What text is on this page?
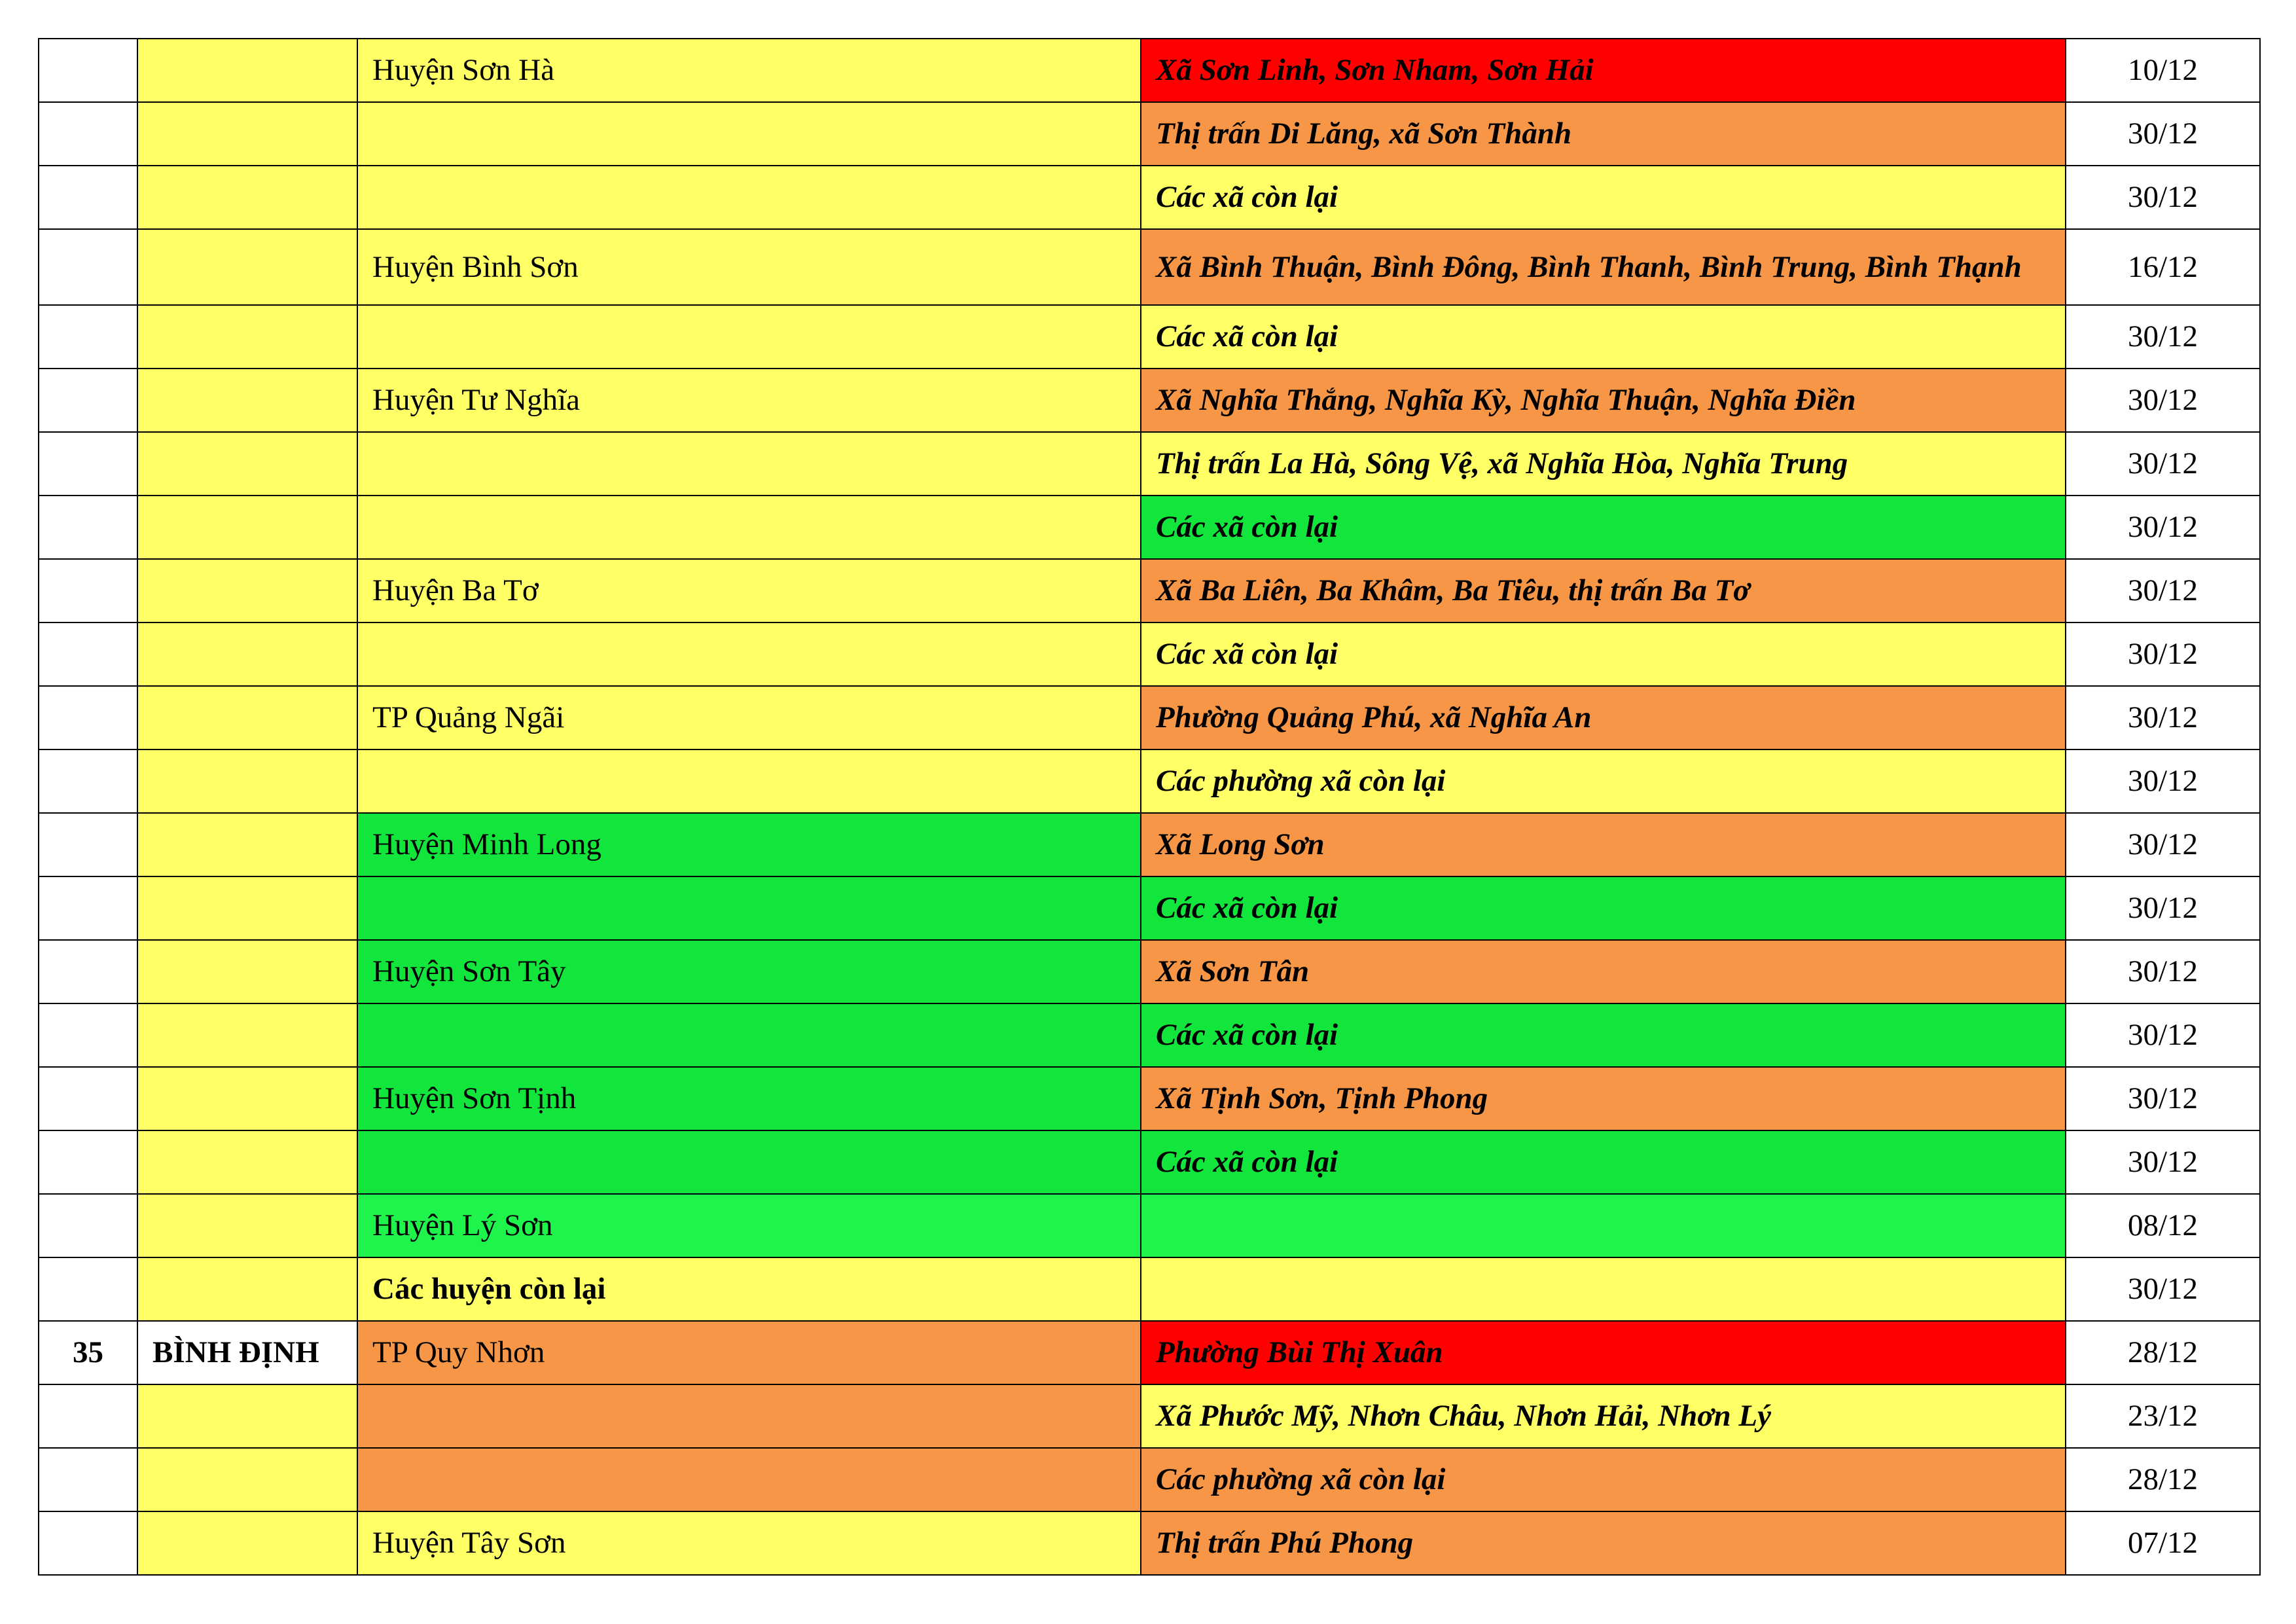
		Huyện Sơn Hà	Xã Sơn Linh, Sơn Nham, Sơn Hải	10/12
			Thị trấn Di Lăng, xã Sơn Thành	30/12
			Các xã còn lại	30/12
		Huyện Bình Sơn	Xã Bình Thuận, Bình Đông, Bình Thanh, Bình Trung, Bình Thạnh	16/12
			Các xã còn lại	30/12
		Huyện Tư Nghĩa	Xã Nghĩa Thắng, Nghĩa Kỳ, Nghĩa Thuận, Nghĩa Điền	30/12
			Thị trấn La Hà, Sông Vệ, xã Nghĩa Hòa, Nghĩa Trung	30/12
			Các xã còn lại	30/12
		Huyện Ba Tơ	Xã Ba Liên, Ba Khâm, Ba Tiêu, thị trấn Ba Tơ	30/12
			Các xã còn lại	30/12
		TP Quảng Ngãi	Phường Quảng Phú, xã Nghĩa An	30/12
			Các phường xã còn lại	30/12
		Huyện Minh Long	Xã Long Sơn	30/12
			Các xã còn lại	30/12
		Huyện Sơn Tây	Xã Sơn Tân	30/12
			Các xã còn lại	30/12
		Huyện Sơn Tịnh	Xã Tịnh Sơn, Tịnh Phong	30/12
			Các xã còn lại	30/12
		Huyện Lý Sơn		08/12
		Các huyện còn lại		30/12
35	BÌNH ĐỊNH	TP Quy Nhơn	Phường Bùi Thị Xuân	28/12
			Xã Phước Mỹ, Nhơn Châu, Nhơn Hải, Nhơn Lý	23/12
			Các phường xã còn lại	28/12
		Huyện Tây Sơn	Thị trấn Phú Phong	07/12
